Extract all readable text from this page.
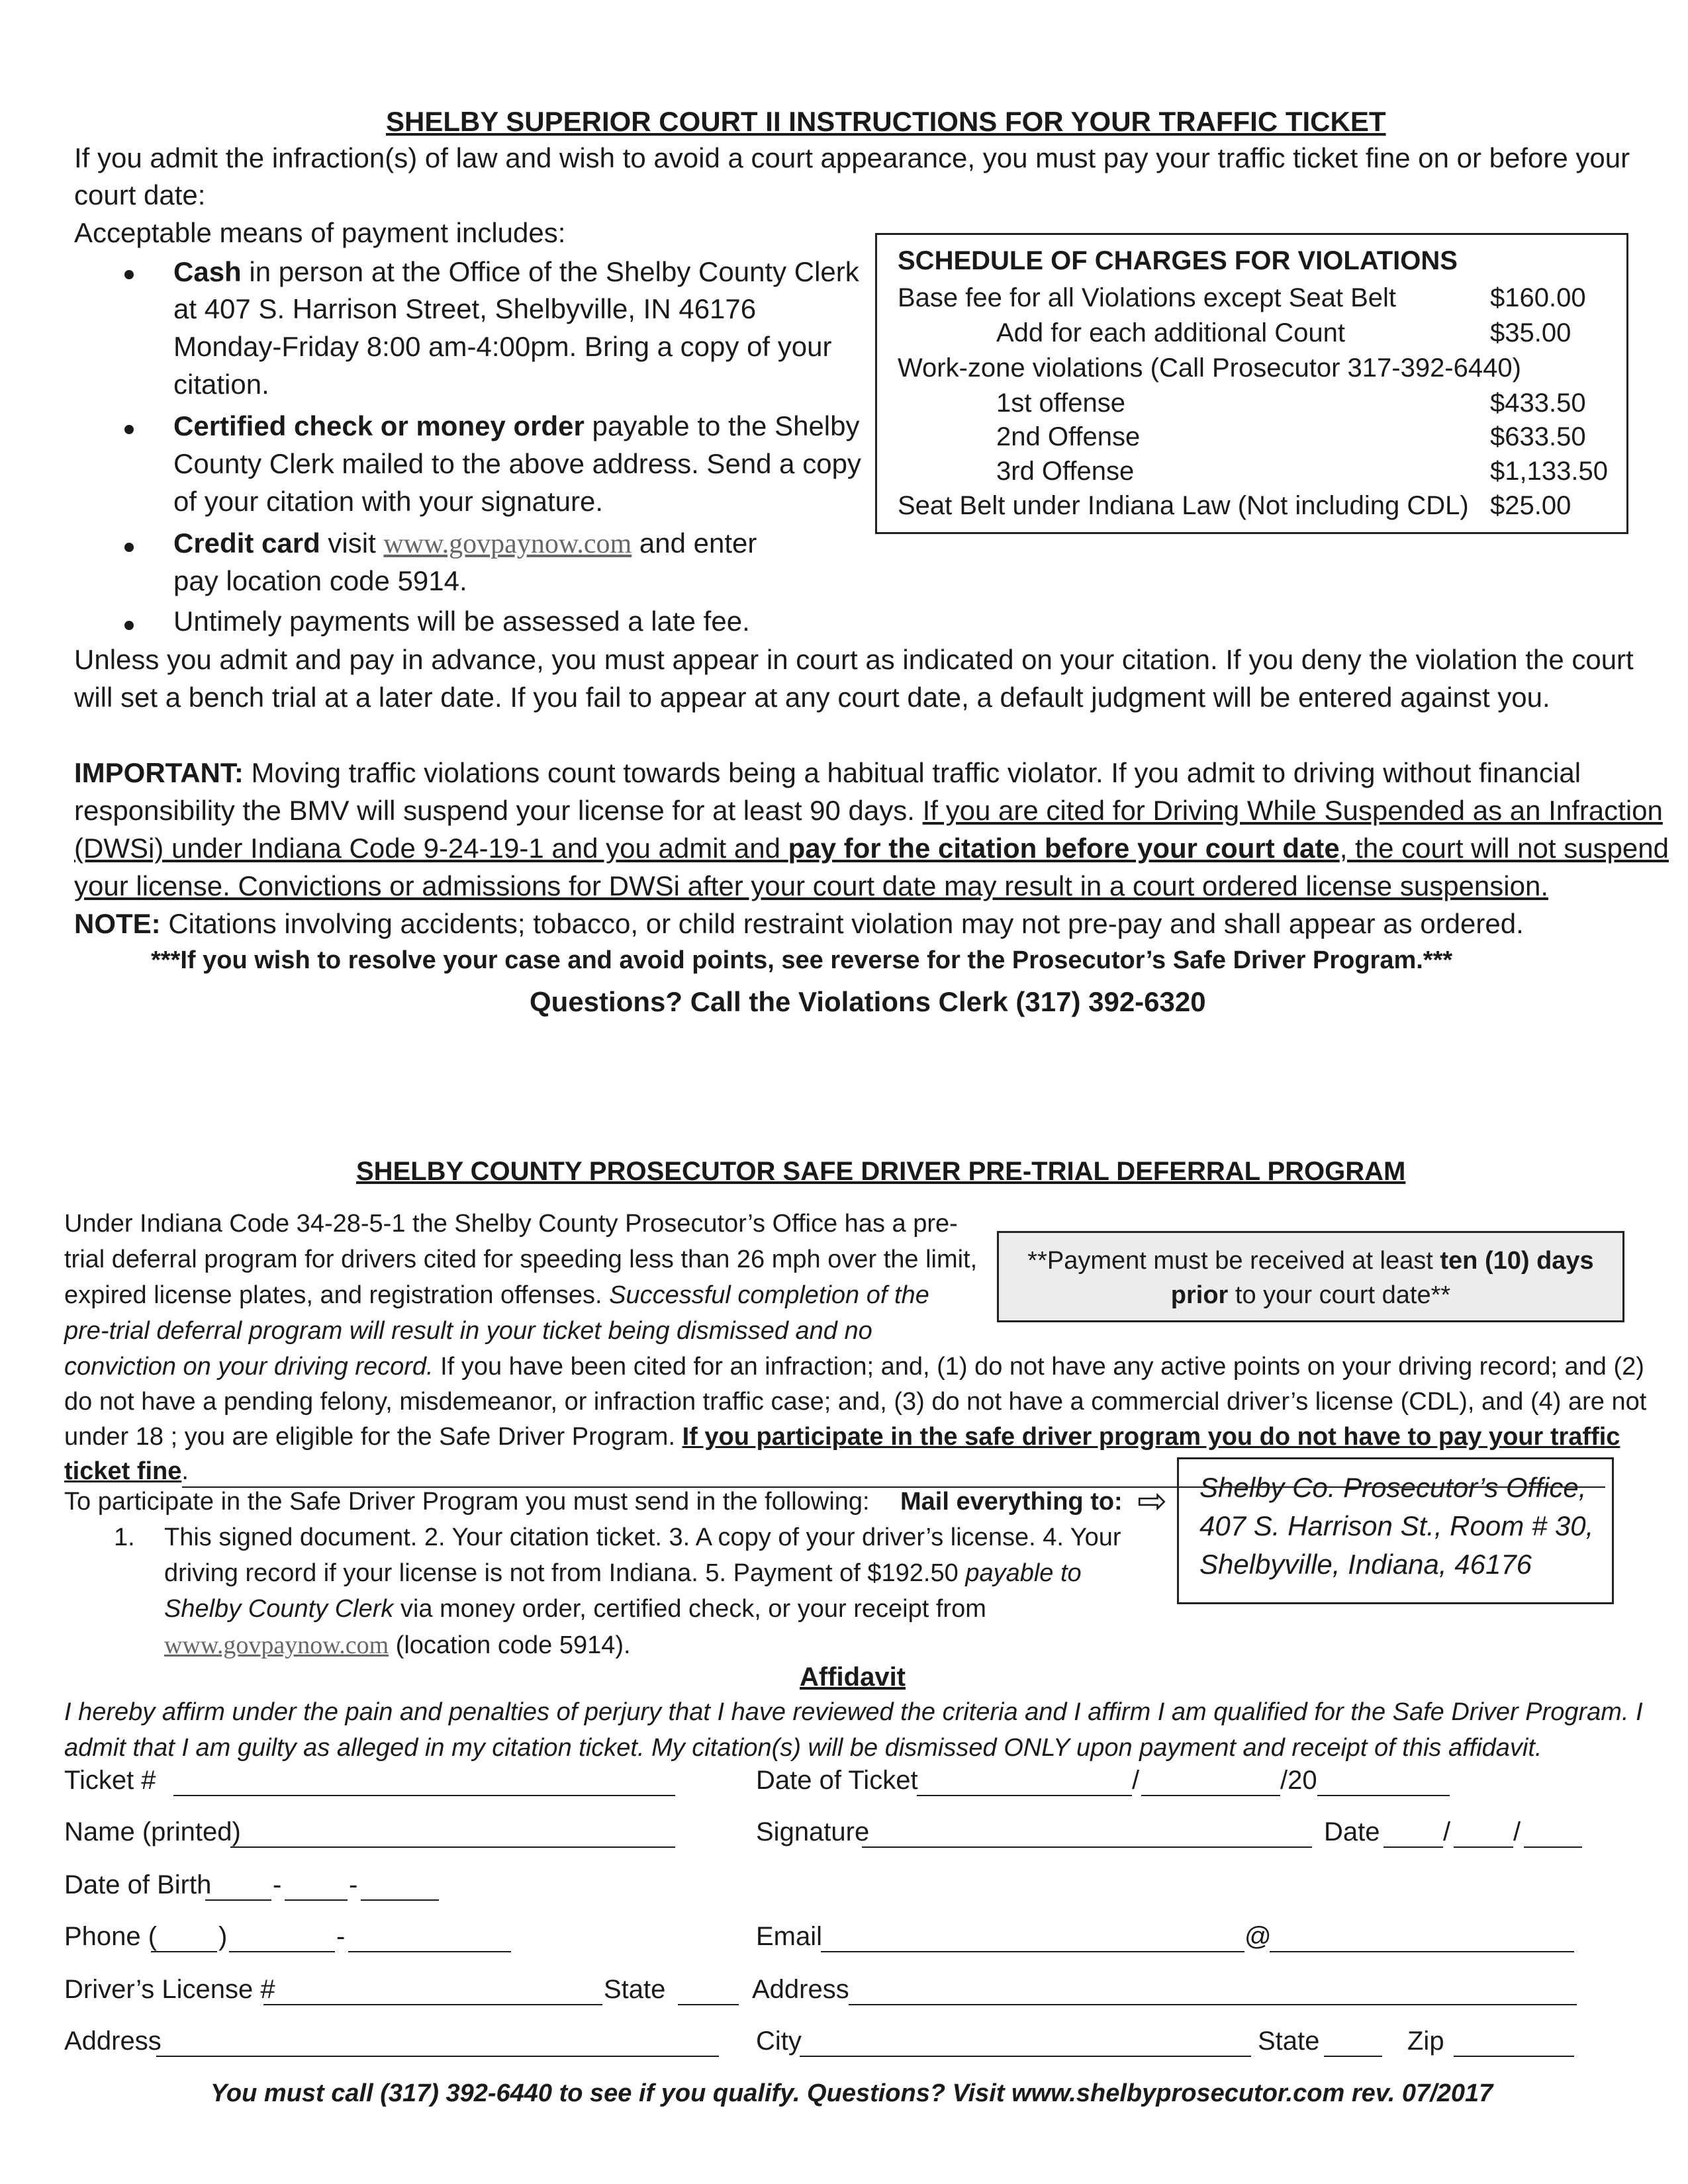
SHELBY SUPERIOR COURT II INSTRUCTIONS FOR YOUR TRAFFIC TICKET
If you admit the infraction(s) of law and wish to avoid a court appearance, you must pay your traffic ticket fine on or before your
court date:
Acceptable means of payment includes:
Cash in person at the Office of the Shelby County Clerk
at 407 S. Harrison Street, Shelbyville, IN 46176
Monday-Friday 8:00 am-4:00pm. Bring a copy of your
citation.
Certified check or money order payable to the Shelby
County Clerk mailed to the above address. Send a copy
of your citation with your signature.
Credit card visit www.govpaynow.com and enter
pay location code 5914.
Untimely payments will be assessed a late fee.
Unless you admit and pay in advance, you must appear in court as indicated on your citation. If you deny the violation the court
will set a bench trial at a later date. If you fail to appear at any court date, a default judgment will be entered against you.
IMPORTANT: Moving traffic violations count towards being a habitual traffic violator. If you admit to driving without financial
responsibility the BMV will suspend your license for at least 90 days. If you are cited for Driving While Suspended as an Infraction
(DWSi) under Indiana Code 9-24-19-1 and you admit and pay for the citation before your court date, the court will not suspend
your license. Convictions or admissions for DWSi after your court date may result in a court ordered license suspension.
NOTE: Citations involving accidents; tobacco, or child restraint violation may not pre-pay and shall appear as ordered.
***If you wish to resolve your case and avoid points, see reverse for the Prosecutor’s Safe Driver Program.***
Questions? Call the Violations Clerk (317) 392-6320
SCHEDULE OF CHARGES FOR VIOLATIONS
Base fee for all Violations except Seat Belt	$160.00
Add for each additional Count	$35.00
Work-zone violations (Call Prosecutor 317-392-6440)
1st offense	$433.50
2nd Offense	$633.50
3rd Offense	$1,133.50
Seat Belt under Indiana Law (Not including CDL) $25.00
SHELBY COUNTY PROSECUTOR SAFE DRIVER PRE-TRIAL DEFERRAL PROGRAM
Under Indiana Code 34-28-5-1 the Shelby County Prosecutor’s Office has a pre-
trial deferral program for drivers cited for speeding less than 26 mph over the limit,
expired license plates, and registration offenses. Successful completion of the
pre-trial deferral program will result in your ticket being dismissed and no
conviction on your driving record. If you have been cited for an infraction; and, (1) do not have any active points on your driving record; and (2)
do not have a pending felony, misdemeanor, or infraction traffic case; and, (3) do not have a commercial driver’s license (CDL), and (4) are not
under 18 ; you are eligible for the Safe Driver Program. If you participate in the safe driver program you do not have to pay your traffic
ticket fine.
**Payment must be received at least ten (10) days
prior to your court date**
To participate in the Safe Driver Program you must send in the following: Mail everything to: ⇨
1. This signed document. 2. Your citation ticket. 3. A copy of your driver’s license. 4. Your
driving record if your license is not from Indiana. 5. Payment of $192.50 payable to
Shelby County Clerk via money order, certified check, or your receipt from
www.govpaynow.com (location code 5914).
Shelby Co. Prosecutor’s Office,
407 S. Harrison St., Room # 30,
Shelbyville, Indiana, 46176
Affidavit
I hereby affirm under the pain and penalties of perjury that I have reviewed the criteria and I affirm I am qualified for the Safe Driver Program. I
admit that I am guilty as alleged in my citation ticket. My citation(s) will be dismissed ONLY upon payment and receipt of this affidavit.
Ticket #	Date of Ticket	/	/20
Name (printed)	Signature	Date / /
Date of Birth -	-
Phone ( )	-	Email	@
Driver’s License #	State	Address
Address	City	State	Zip
You must call (317) 392-6440 to see if you qualify. Questions? Visit www.shelbyprosecutor.com rev. 07/2017
